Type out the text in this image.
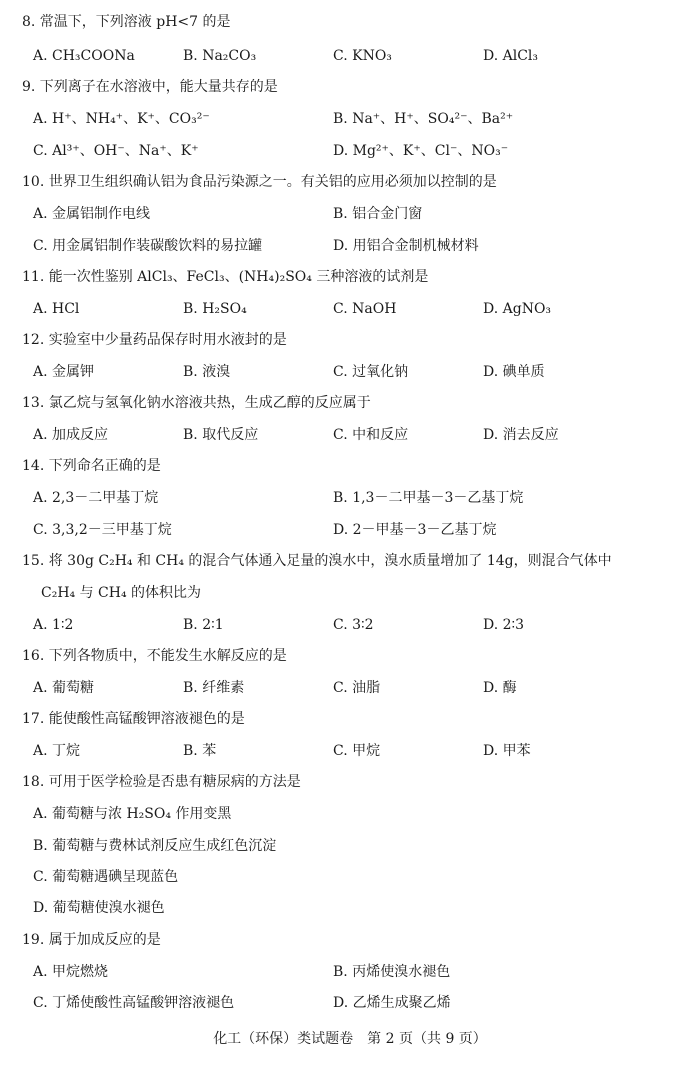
8. 常温下，下列溶液 pH<7 的是
A. CH₃COONa	B. Na₂CO₃	C. KNO₃	D. AlCl₃
9. 下列离子在水溶液中，能大量共存的是
A. H⁺、NH₄⁺、K⁺、CO₃²⁻	B. Na⁺、H⁺、SO₄²⁻、Ba²⁺
C. Al³⁺、OH⁻、Na⁺、K⁺	D. Mg²⁺、K⁺、Cl⁻、NO₃⁻
10. 世界卫生组织确认铝为食品污染源之一。有关铝的应用必须加以控制的是
A. 金属铝制作电线	B. 铝合金门窗
C. 用金属铝制作装碳酸饮料的易拉罐	D. 用铝合金制机械材料
11. 能一次性鉴别 AlCl₃、FeCl₃、(NH₄)₂SO₄ 三种溶液的试剂是
A. HCl	B. H₂SO₄	C. NaOH	D. AgNO₃
12. 实验室中少量药品保存时用水液封的是
A. 金属钾	B. 液溴	C. 过氧化钠	D. 碘单质
13. 氯乙烷与氢氧化钠水溶液共热，生成乙醇的反应属于
A. 加成反应	B. 取代反应	C. 中和反应	D. 消去反应
14. 下列命名正确的是
A. 2,3－二甲基丁烷	B. 1,3－二甲基－3－乙基丁烷
C. 3,3,2－三甲基丁烷	D. 2－甲基－3－乙基丁烷
15. 将 30g C₂H₄ 和 CH₄ 的混合气体通入足量的溴水中，溴水质量增加了 14g，则混合气体中
C₂H₄ 与 CH₄ 的体积比为
A. 1∶2	B. 2∶1	C. 3∶2	D. 2∶3
16. 下列各物质中，不能发生水解反应的是
A. 葡萄糖	B. 纤维素	C. 油脂	D. 酶
17. 能使酸性高锰酸钾溶液褪色的是
A. 丁烷	B. 苯	C. 甲烷	D. 甲苯
18. 可用于医学检验是否患有糖尿病的方法是
A. 葡萄糖与浓 H₂SO₄ 作用变黑
B. 葡萄糖与费林试剂反应生成红色沉淀
C. 葡萄糖遇碘呈现蓝色
D. 葡萄糖使溴水褪色
19. 属于加成反应的是
A. 甲烷燃烧	B. 丙烯使溴水褪色
C. 丁烯使酸性高锰酸钾溶液褪色	D. 乙烯生成聚乙烯
化工（环保）类试题卷　第 2 页（共 9 页）
